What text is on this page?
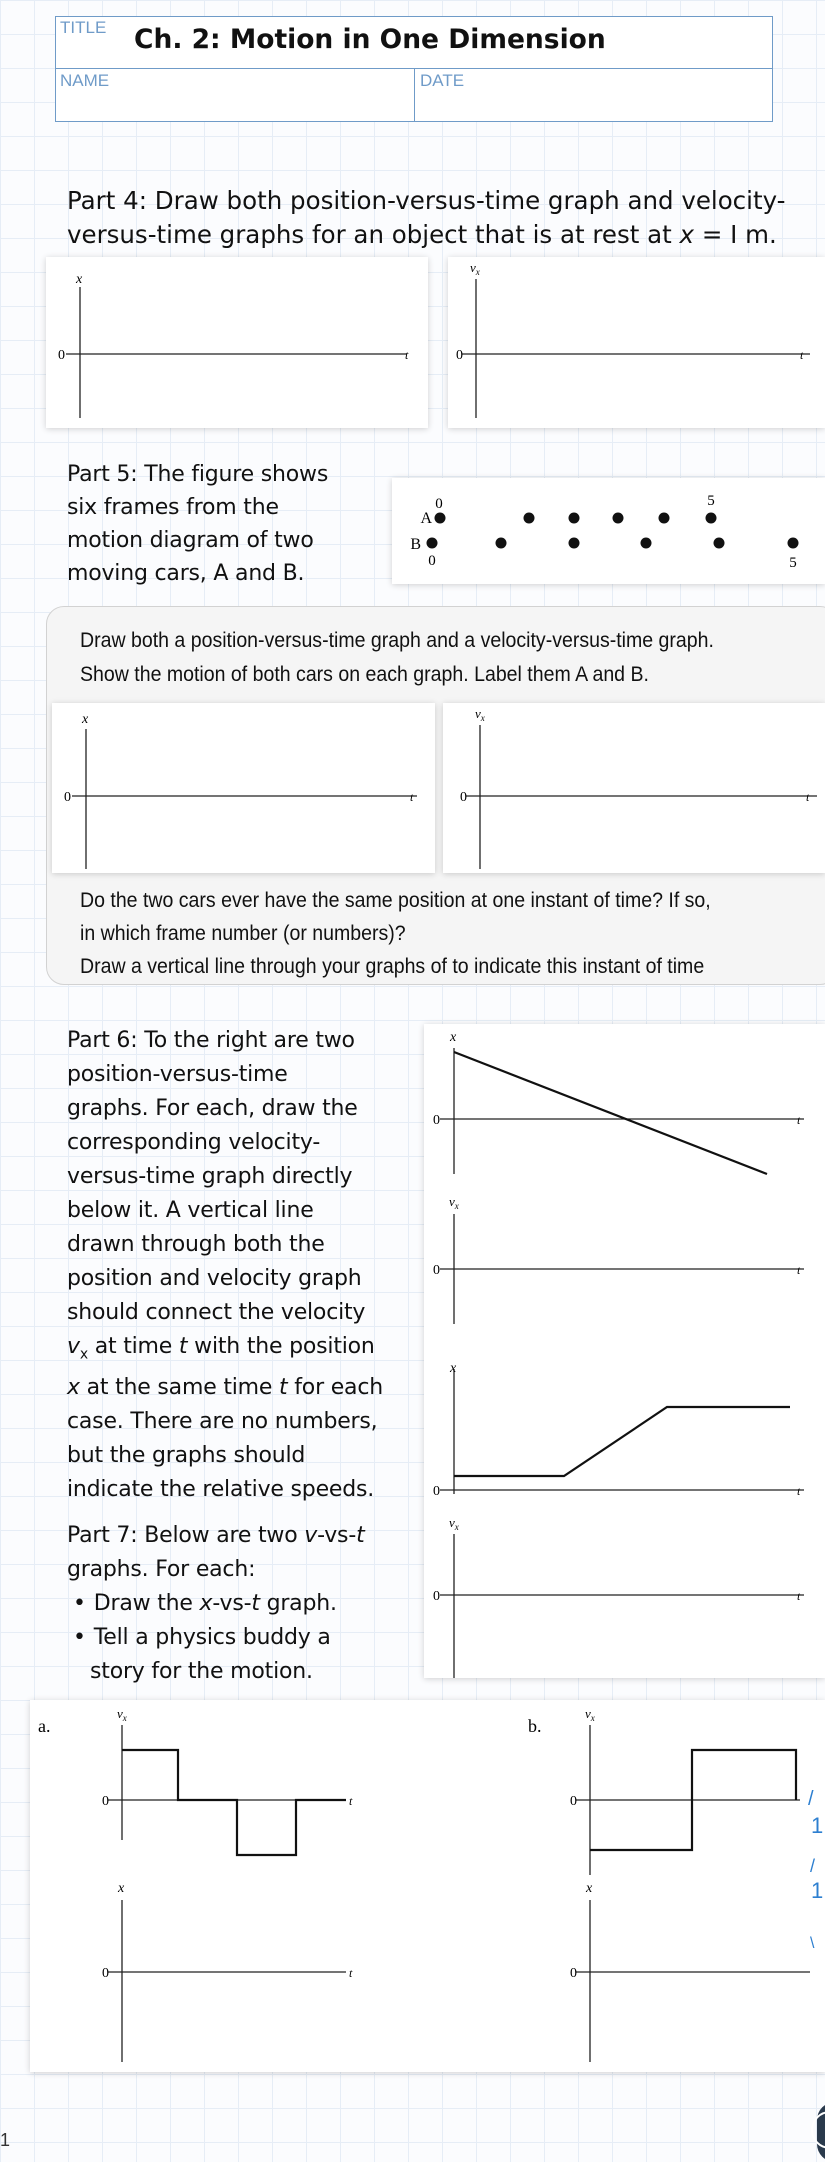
TITLE Ch. 2: Motion in One Dimension
NAME	DATE
Part 4: Draw both position-versus-time graph and velocity-
versus-time graphs for an object that is at rest at x = I m.
x
0	t
$v_x$
0	t
Part 5: The figure shows
six frames from the
motion diagram of two
moving cars, A and B.
0
A
5
B
0	5
Draw both a position-versus-time graph and a velocity-versus-time graph.
Show the motion of both cars on each graph. Label them A and B.
x
0	t
$v_x$
0	t
Do the two cars ever have the same position at one instant of time? If so,
in which frame number (or numbers)?
Draw a vertical line through your graphs of to indicate this instant of time
Part 6: To the right are two
position-versus-time
graphs. For each, draw the
corresponding velocity-
versus-time graph directly
below it. A vertical line
drawn through both the
position and velocity graph
should connect the velocity
$v_x$ at time t with the position
x at the same time t for each
case. There are no numbers,
but the graphs should
indicate the relative speeds.
x
0	t
$v_x$
0	t
x
0	t
$v_x$
0	t
Part 7: Below are two v-vs-t
graphs. For each:
• Draw the x-vs-t graph.
• Tell a physics buddy a
story for the motion.
a.
$v_x$
0	t
x
0	t
b.
$v_x$
0
x
0
/
1
/
1
\
1
